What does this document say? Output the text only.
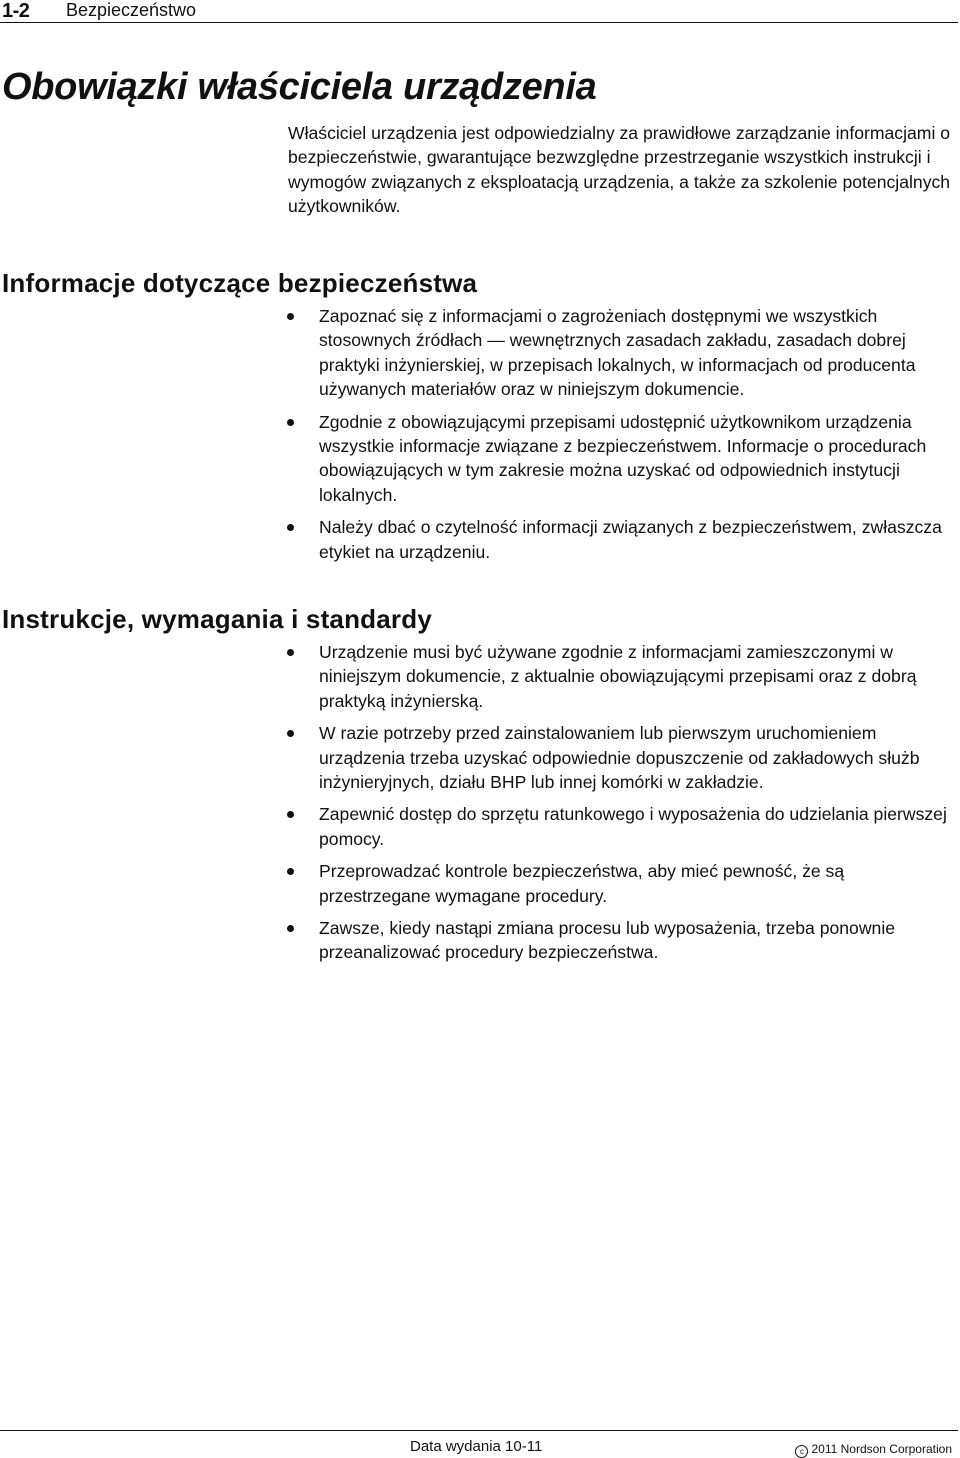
1-2 Bezpieczeństwo
Obowiązki właściciela urządzenia

Właściciel urządzenia jest odpowiedzialny za prawidłowe zarządzanie informacjami o bezpieczeństwie, gwarantujące bezwzględne przestrzeganie wszystkich instrukcji i wymogów związanych z eksploatacją urządzenia, a także za szkolenie potencjalnych użytkowników.

Informacje dotyczące bezpieczeństwa
Zapoznać się z informacjami o zagrożeniach dostępnymi we wszystkich stosownych źródłach — wewnętrznych zasadach zakładu, zasadach dobrej praktyki inżynierskiej, w przepisach lokalnych, w informacjach od producenta używanych materiałów oraz w niniejszym dokumencie.
Zgodnie z obowiązującymi przepisami udostępnić użytkownikom urządzenia wszystkie informacje związane z bezpieczeństwem. Informacje o procedurach obowiązujących w tym zakresie można uzyskać od odpowiednich instytucji lokalnych.
Należy dbać o czytelność informacji związanych z bezpieczeństwem, zwłaszcza etykiet na urządzeniu.
Instrukcje, wymagania i standardy
Urządzenie musi być używane zgodnie z informacjami zamieszczonymi w niniejszym dokumencie, z aktualnie obowiązującymi przepisami oraz z dobrą praktyką inżynierską.
W razie potrzeby przed zainstalowaniem lub pierwszym uruchomieniem urządzenia trzeba uzyskać odpowiednie dopuszczenie od zakładowych służb inżynieryjnych, działu BHP lub innej komórki w zakładzie.
Zapewnić dostęp do sprzętu ratunkowego i wyposażenia do udzielania pierwszej pomocy.
Przeprowadzać kontrole bezpieczeństwa, aby mieć pewność, że są przestrzegane wymagane procedury.
Zawsze, kiedy nastąpi zmiana procesu lub wyposażenia, trzeba ponownie przeanalizować procedury bezpieczeństwa.
Data wydania 10-11	c 2011 Nordson Corporation
